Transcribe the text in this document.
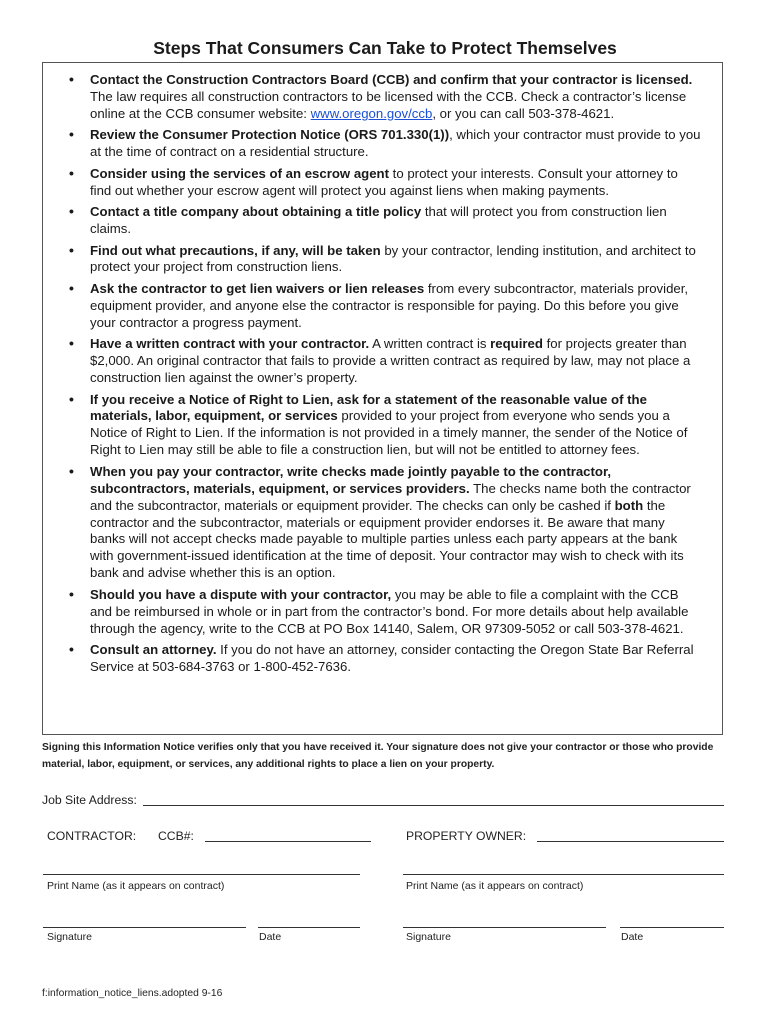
Steps That Consumers Can Take to Protect Themselves
• Contact the Construction Contractors Board (CCB) and confirm that your contractor is licensed. The law requires all construction contractors to be licensed with the CCB. Check a contractor’s license online at the CCB consumer website: www.oregon.gov/ccb, or you can call 503-378-4621.
• Review the Consumer Protection Notice (ORS 701.330(1)), which your contractor must provide to you at the time of contract on a residential structure.
• Consider using the services of an escrow agent to protect your interests. Consult your attorney to find out whether your escrow agent will protect you against liens when making payments.
• Contact a title company about obtaining a title policy that will protect you from construction lien claims.
• Find out what precautions, if any, will be taken by your contractor, lending institution, and architect to protect your project from construction liens.
• Ask the contractor to get lien waivers or lien releases from every subcontractor, materials provider, equipment provider, and anyone else the contractor is responsible for paying. Do this before you give your contractor a progress payment.
• Have a written contract with your contractor. A written contract is required for projects greater than $2,000. An original contractor that fails to provide a written contract as required by law, may not place a construction lien against the owner’s property.
• If you receive a Notice of Right to Lien, ask for a statement of the reasonable value of the materials, labor, equipment, or services provided to your project from everyone who sends you a Notice of Right to Lien. If the information is not provided in a timely manner, the sender of the Notice of Right to Lien may still be able to file a construction lien, but will not be entitled to attorney fees.
• When you pay your contractor, write checks made jointly payable to the contractor, subcontractors, materials, equipment, or services providers. The checks name both the contractor and the subcontractor, materials or equipment provider. The checks can only be cashed if both the contractor and the subcontractor, materials or equipment provider endorses it. Be aware that many banks will not accept checks made payable to multiple parties unless each party appears at the bank with government-issued identification at the time of deposit. Your contractor may wish to check with its bank and advise whether this is an option.
• Should you have a dispute with your contractor, you may be able to file a complaint with the CCB and be reimbursed in whole or in part from the contractor’s bond. For more details about help available through the agency, write to the CCB at PO Box 14140, Salem, OR 97309-5052 or call 503-378-4621.
• Consult an attorney. If you do not have an attorney, consider contacting the Oregon State Bar Referral Service at 503-684-3763 or 1-800-452-7636.
Signing this Information Notice verifies only that you have received it. Your signature does not give your contractor or those who provide material, labor, equipment, or services, any additional rights to place a lien on your property.
Job Site Address:
CONTRACTOR: CCB#:	PROPERTY OWNER:
Print Name (as it appears on contract)	Print Name (as it appears on contract)
Signature	Date	Signature	Date
f:information_notice_liens.adopted 9-16
